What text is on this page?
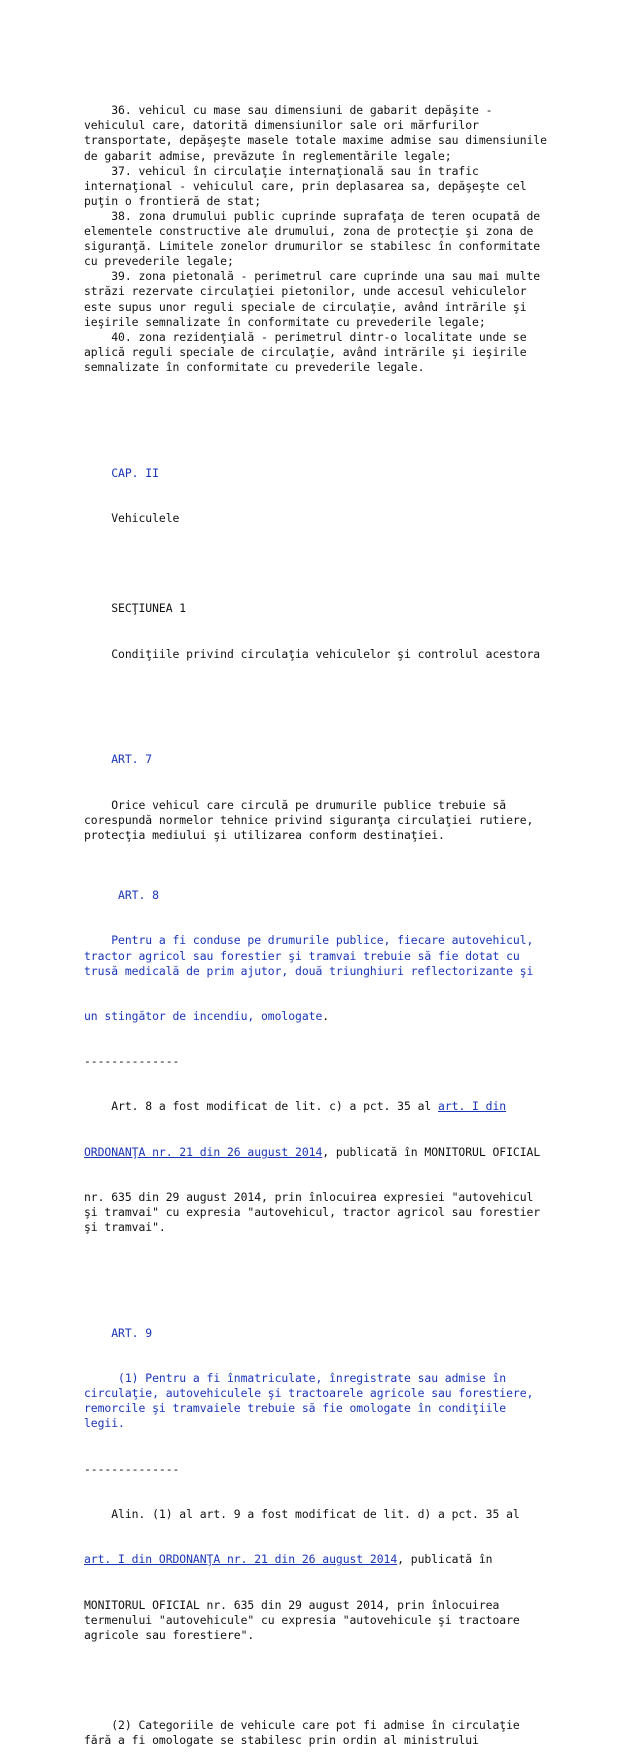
36. vehicul cu mase sau dimensiuni de gabarit depăşite -
vehiculul care, datorită dimensiunilor sale ori mărfurilor
transportate, depăşeşte masele totale maxime admise sau dimensiunile
de gabarit admise, prevăzute în reglementările legale;
37. vehicul în circulaţie internaţională sau în trafic
internaţional - vehiculul care, prin deplasarea sa, depăşeşte cel
puţin o frontieră de stat;
38. zona drumului public cuprinde suprafaţa de teren ocupată de
elementele constructive ale drumului, zona de protecţie şi zona de
siguranţă. Limitele zonelor drumurilor se stabilesc în conformitate
cu prevederile legale;
39. zona pietonală - perimetrul care cuprinde una sau mai multe
străzi rezervate circulaţiei pietonilor, unde accesul vehiculelor
este supus unor reguli speciale de circulaţie, având intrările şi
ieşirile semnalizate în conformitate cu prevederile legale;
40. zona rezidenţială - perimetrul dintr-o localitate unde se
aplică reguli speciale de circulaţie, având intrările şi ieşirile
semnalizate în conformitate cu prevederile legale.

CAP. II

Vehiculele

SECŢIUNEA 1

Condiţiile privind circulaţia vehiculelor şi controlul acestora

ART. 7

Orice vehicul care circulă pe drumurile publice trebuie să
corespundă normelor tehnice privind siguranţa circulaţiei rutiere,
protecţia mediului şi utilizarea conform destinaţiei.

ART. 8

Pentru a fi conduse pe drumurile publice, fiecare autovehicul,
tractor agricol sau forestier şi tramvai trebuie să fie dotat cu
trusă medicală de prim ajutor, două triunghiuri reflectorizante şi

un stingător de incendiu, omologate.

--------------

Art. 8 a fost modificat de lit. c) a pct. 35 al art. I din

ORDONANŢA nr. 21 din 26 august 2014, publicată în MONITORUL OFICIAL

nr. 635 din 29 august 2014, prin înlocuirea expresiei "autovehicul
şi tramvai" cu expresia "autovehicul, tractor agricol sau forestier
şi tramvai".

ART. 9

(1) Pentru a fi înmatriculate, înregistrate sau admise în
circulaţie, autovehiculele şi tractoarele agricole sau forestiere,
remorcile şi tramvaiele trebuie să fie omologate în condiţiile
legii.

--------------

Alin. (1) al art. 9 a fost modificat de lit. d) a pct. 35 al

art. I din ORDONANŢA nr. 21 din 26 august 2014, publicată în

MONITORUL OFICIAL nr. 635 din 29 august 2014, prin înlocuirea
termenului "autovehicule" cu expresia "autovehicule şi tractoare
agricole sau forestiere".

(2) Categoriile de vehicule care pot fi admise în circulaţie
fără a fi omologate se stabilesc prin ordin al ministrului
